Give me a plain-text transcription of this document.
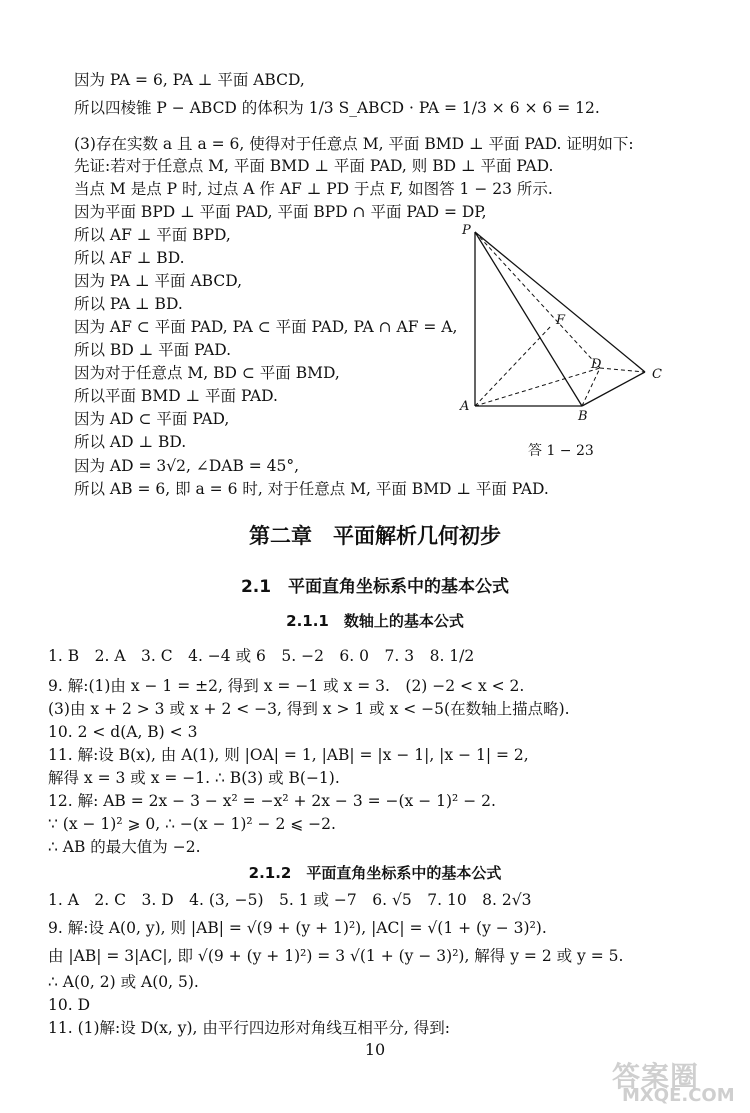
因为 PA = 6, PA ⊥ 平面 ABCD,
所以四棱锥 P − ABCD 的体积为 1/3 S_ABCD · PA = 1/3 × 6 × 6 = 12.
(3)存在实数 a 且 a = 6, 使得对于任意点 M, 平面 BMD ⊥ 平面 PAD. 证明如下:
先证:若对于任意点 M, 平面 BMD ⊥ 平面 PAD, 则 BD ⊥ 平面 PAD.
当点 M 是点 P 时, 过点 A 作 AF ⊥ PD 于点 F, 如图答 1 − 23 所示.
因为平面 BPD ⊥ 平面 PAD, 平面 BPD ∩ 平面 PAD = DP,
所以 AF ⊥ 平面 BPD,
所以 AF ⊥ BD.
因为 PA ⊥ 平面 ABCD,
所以 PA ⊥ BD.
因为 AF ⊂ 平面 PAD, PA ⊂ 平面 PAD, PA ∩ AF = A,
所以 BD ⊥ 平面 PAD.
因为对于任意点 M, BD ⊂ 平面 BMD,
所以平面 BMD ⊥ 平面 PAD.
因为 AD ⊂ 平面 PAD,
所以 AD ⊥ BD.
因为 AD = 3√2, ∠DAB = 45°,
所以 AB = 6, 即 a = 6 时, 对于任意点 M, 平面 BMD ⊥ 平面 PAD.
P
F
D
C
A
B
答 1 − 23
第二章　平面解析几何初步
2.1　平面直角坐标系中的基本公式
2.1.1　数轴上的基本公式
1. B　2. A　3. C　4. −4 或 6　5. −2　6. 0　7. 3　8. 1/2
9. 解:(1)由 x − 1 = ±2, 得到 x = −1 或 x = 3.　(2) −2 < x < 2.
(3)由 x + 2 > 3 或 x + 2 < −3, 得到 x > 1 或 x < −5(在数轴上描点略).
10. 2 < d(A, B) < 3
11. 解:设 B(x), 由 A(1), 则 |OA| = 1, |AB| = |x − 1|, |x − 1| = 2,
解得 x = 3 或 x = −1. ∴ B(3) 或 B(−1).
12. 解: AB = 2x − 3 − x² = −x² + 2x − 3 = −(x − 1)² − 2.
∵ (x − 1)² ⩾ 0, ∴ −(x − 1)² − 2 ⩽ −2.
∴ AB 的最大值为 −2.
2.1.2　平面直角坐标系中的基本公式
1. A　2. C　3. D　4. (3, −5)　5. 1 或 −7　6. √5　7. 10　8. 2√3
9. 解:设 A(0, y), 则 |AB| = √(9 + (y + 1)²), |AC| = √(1 + (y − 3)²).
由 |AB| = 3|AC|, 即 √(9 + (y + 1)²) = 3 √(1 + (y − 3)²), 解得 y = 2 或 y = 5.
∴ A(0, 2) 或 A(0, 5).
10. D
11. (1)解:设 D(x, y), 由平行四边形对角线互相平分, 得到:
10
答案圈
MXQE.COM
